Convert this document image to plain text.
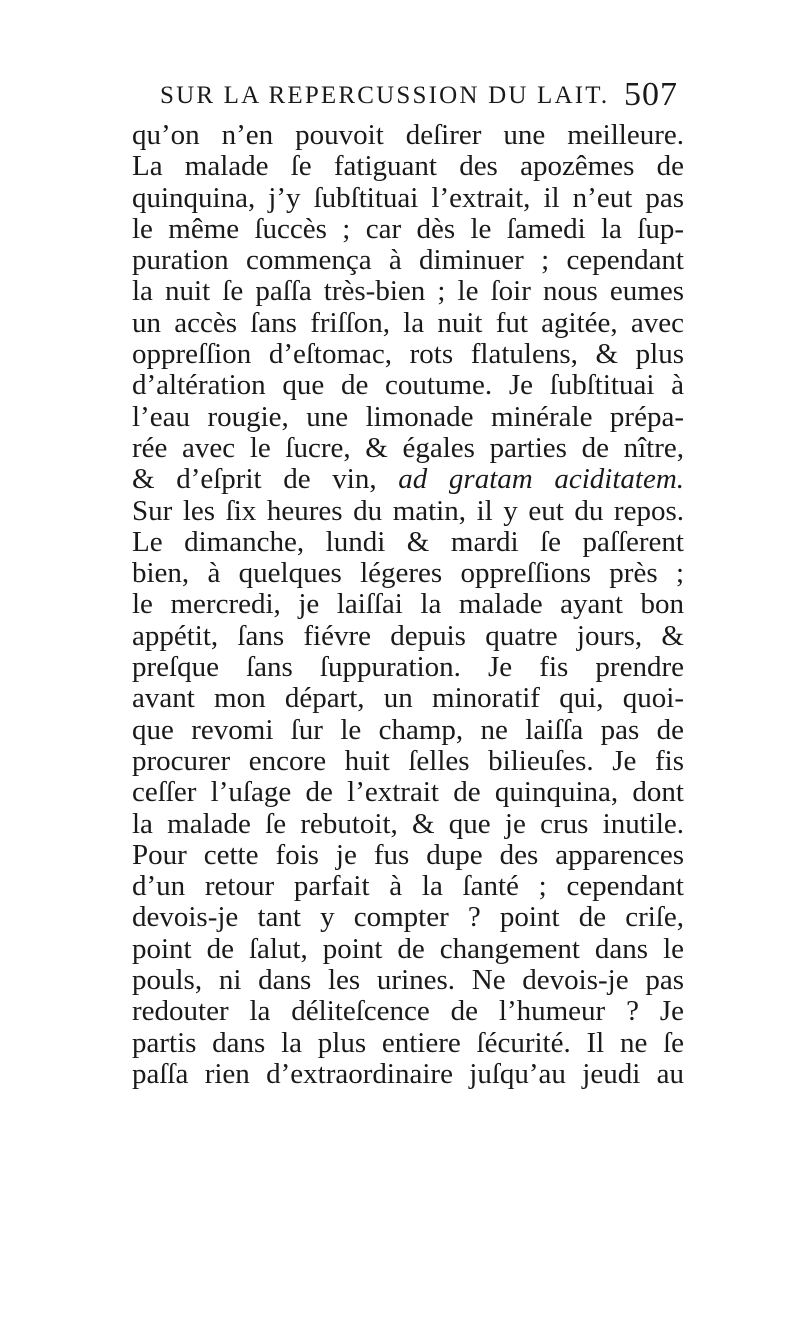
SUR LA REPERCUSSION DU LAIT. 507
qu’on n’en pouvoit deſirer une meilleure.
La malade ſe fatiguant des apozêmes de
quinquina, j’y ſubſtituai l’extrait, il n’eut pas
le même ſuccès ; car dès le ſamedi la ſup-
puration commença à diminuer ; cependant
la nuit ſe paſſa très-bien ; le ſoir nous eumes
un accès ſans friſſon, la nuit fut agitée, avec
oppreſſion d’eſtomac, rots flatulens, & plus
d’altération que de coutume. Je ſubſtituai à
l’eau rougie, une limonade minérale prépa-
rée avec le ſucre, & égales parties de nître,
& d’eſprit de vin, ad gratam aciditatem.
Sur les ſix heures du matin, il y eut du repos.
Le dimanche, lundi & mardi ſe paſſerent
bien, à quelques légeres oppreſſions près ;
le mercredi, je laiſſai la malade ayant bon
appétit, ſans fiévre depuis quatre jours, &
preſque ſans ſuppuration. Je fis prendre
avant mon départ, un minoratif qui, quoi-
que revomi ſur le champ, ne laiſſa pas de
procurer encore huit ſelles bilieuſes. Je fis
ceſſer l’uſage de l’extrait de quinquina, dont
la malade ſe rebutoit, & que je crus inutile.
Pour cette fois je fus dupe des apparences
d’un retour parfait à la ſanté ; cependant
devois-je tant y compter ? point de criſe,
point de ſalut, point de changement dans le
pouls, ni dans les urines. Ne devois-je pas
redouter la délitеſcence de l’humeur ? Je
partis dans la plus entiere ſécurité. Il ne ſe
paſſa rien d’extraordinaire juſqu’au jeudi au
